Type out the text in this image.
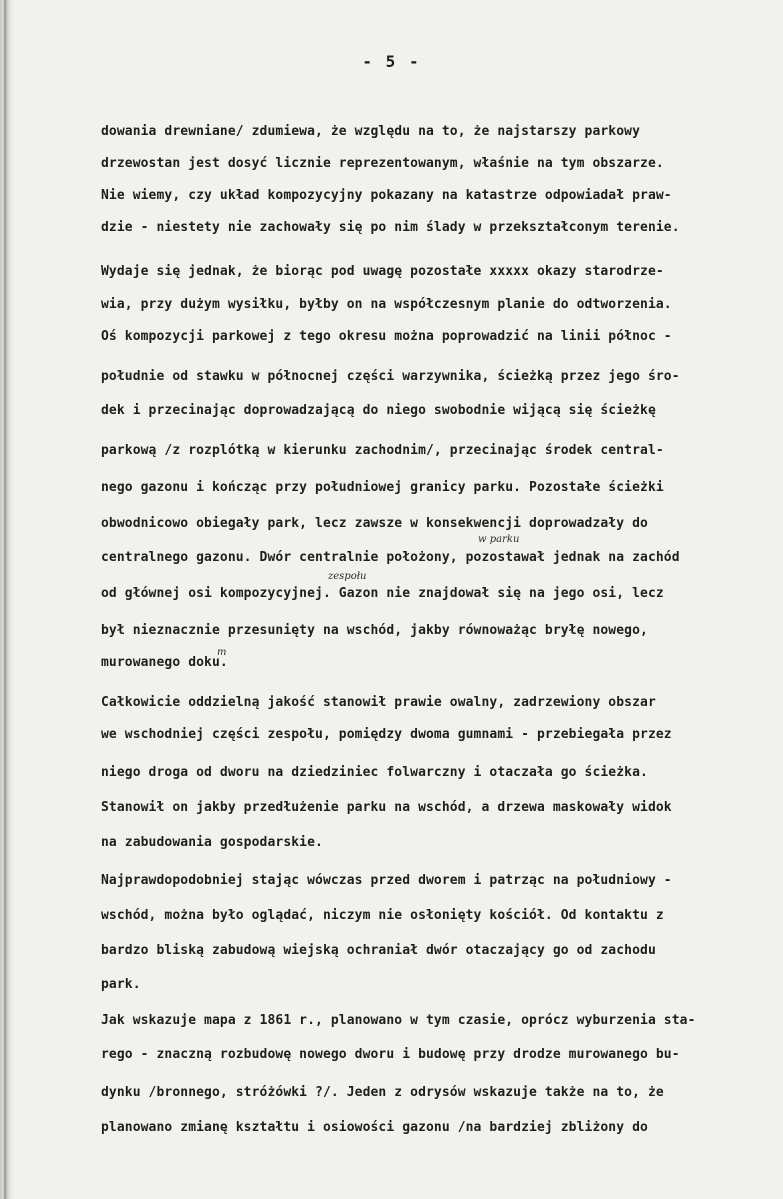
- 5 -
dowania drewniane/ zdumiewa, że względu na to, że najstarszy parkowy
drzewostan jest dosyć licznie reprezentowanym, właśnie na tym obszarze.
Nie wiemy, czy układ kompozycyjny pokazany na katastrze odpowiadał praw-
dzie - niestety nie zachowały się po nim ślady w przekształconym terenie.
Wydaje się jednak, że biorąc pod uwagę pozostałe xxxxx okazy starodrze-
wia, przy dużym wysiłku, byłby on na współczesnym planie do odtworzenia.
Oś kompozycji parkowej z tego okresu można poprowadzić na linii północ -
południe od stawku w północnej części warzywnika, ścieżką przez jego śro-
dek i przecinając doprowadzającą do niego swobodnie wijącą się ścieżkę
parkową /z rozplótką w kierunku zachodnim/, przecinając środek central-
nego gazonu i kończąc przy południowej granicy parku. Pozostałe ścieżki
obwodnicowo obiegały park, lecz zawsze w konsekwencji doprowadzały do
centralnego gazonu. Dwór centralnie położony, pozostawał jednak na zachód
od głównej osi kompozycyjnej. Gazon nie znajdował się na jego osi, lecz
był nieznacznie przesunięty na wschód, jakby równoważąc bryłę nowego,
murowanego doku.
Całkowicie oddzielną jakość stanowił prawie owalny, zadrzewiony obszar
we wschodniej części zespołu, pomiędzy dwoma gumnami - przebiegała przez
niego droga od dworu na dziedziniec folwarczny i otaczała go ścieżka.
Stanowił on jakby przedłużenie parku na wschód, a drzewa maskowały widok
na zabudowania gospodarskie.
Najprawdopodobniej stając wówczas przed dworem i patrząc na południowy -
wschód, można było oglądać, niczym nie osłonięty kościół. Od kontaktu z
bardzo bliską zabudową wiejską ochraniał dwór otaczający go od zachodu
park.
Jak wskazuje mapa z 1861 r., planowano w tym czasie, oprócz wyburzenia sta-
rego - znaczną rozbudowę nowego dworu i budowę przy drodze murowanego bu-
dynku /bronnego, stróżówki ?/. Jeden z odrysów wskazuje także na to, że
planowano zmianę kształtu i osiowości gazonu /na bardziej zbliżony do
w parku
zespołu
m
